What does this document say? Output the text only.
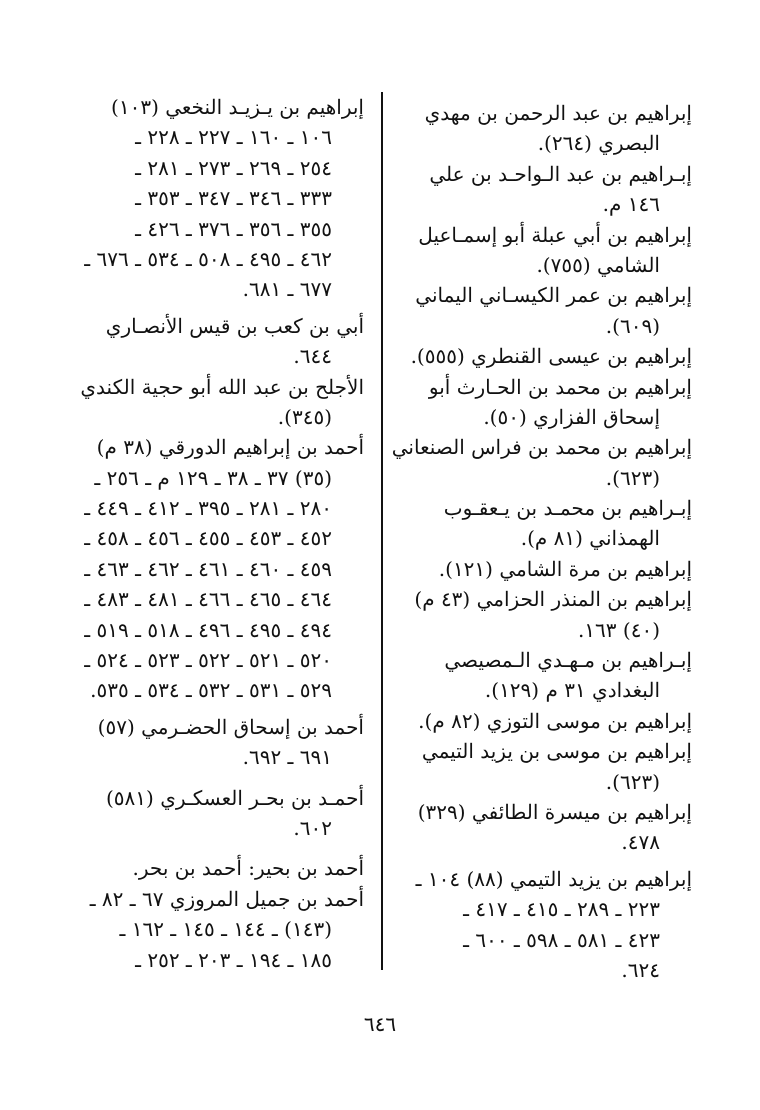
إبراهيم بن عبد الرحمن بن مهدي
البصري (٢٦٤).
إبـراهيم بن عبد الـواحـد بن علي
١٤٦ م.
إبراهيم بن أبي عبلة أبو إسمـاعيل
الشامي (٧٥٥).
إبراهيم بن عمر الكيسـاني اليماني
(٦٠٩).
إبراهيم بن عيسى القنطري (٥٥٥).
إبراهيم بن محمد بن الحـارث أبو
إسحاق الفزاري (٥٠).
إبراهيم بن محمد بن فراس الصنعاني
(٦٢٣).
إبـراهيم بن محمـد بن يـعقـوب
الهمذاني (٨١ م).
إبراهيم بن مرة الشامي (١٢١).
إبراهيم بن المنذر الحزامي (٤٣ م)
(٤٠) ١٦٣.
إبـراهيم بن مـهـدي الـمصيصي
البغدادي ٣١ م (١٢٩).
إبراهيم بن موسى التوزي (٨٢ م).
إبراهيم بن موسى بن يزيد التيمي
(٦٢٣).
إبراهيم بن ميسرة الطائفي (٣٢٩)
٤٧٨.
إبراهيم بن يزيد التيمي (٨٨) ١٠٤ ـ
٢٢٣ ـ ٢٨٩ ـ ٤١٥ ـ ٤١٧ ـ
٤٢٣ ـ ٥٨١ ـ ٥٩٨ ـ ٦٠٠ ـ
٦٢٤.
إبراهيم بن يـزيـد النخعي (١٠٣)
١٠٦ ـ ١٦٠ ـ ٢٢٧ ـ ٢٢٨ ـ
٢٥٤ ـ ٢٦٩ ـ ٢٧٣ ـ ٢٨١ ـ
٣٣٣ ـ ٣٤٦ ـ ٣٤٧ ـ ٣٥٣ ـ
٣٥٥ ـ ٣٥٦ ـ ٣٧٦ ـ ٤٢٦ ـ
٤٦٢ ـ ٤٩٥ ـ ٥٠٨ ـ ٥٣٤ ـ ٦٧٦ ـ
٦٧٧ ـ ٦٨١.
أبي بن كعب بن قيس الأنصـاري
٦٤٤.
الأجلح بن عبد الله أبو حجية الكندي
(٣٤٥).
أحمد بن إبراهيم الدورقي (٣٨ م)
(٣٥) ٣٧ ـ ٣٨ ـ ١٢٩ م ـ ٢٥٦ ـ
٢٨٠ ـ ٢٨١ ـ ٣٩٥ ـ ٤١٢ ـ ٤٤٩ ـ
٤٥٢ ـ ٤٥٣ ـ ٤٥٥ ـ ٤٥٦ ـ ٤٥٨ ـ
٤٥٩ ـ ٤٦٠ ـ ٤٦١ ـ ٤٦٢ ـ ٤٦٣ ـ
٤٦٤ ـ ٤٦٥ ـ ٤٦٦ ـ ٤٨١ ـ ٤٨٣ ـ
٤٩٤ ـ ٤٩٥ ـ ٤٩٦ ـ ٥١٨ ـ ٥١٩ ـ
٥٢٠ ـ ٥٢١ ـ ٥٢٢ ـ ٥٢٣ ـ ٥٢٤ ـ
٥٢٩ ـ ٥٣١ ـ ٥٣٢ ـ ٥٣٤ ـ ٥٣٥.
أحمد بن إسحاق الحضـرمي (٥٧)
٦٩١ ـ ٦٩٢.
أحمـد بن بحـر العسكـري (٥٨١)
٦٠٢.
أحمد بن بحير: أحمد بن بحر.
أحمد بن جميل المروزي ٦٧ ـ ٨٢ ـ
(١٤٣) ـ ١٤٤ ـ ١٤٥ ـ ١٦٢ ـ
١٨٥ ـ ١٩٤ ـ ٢٠٣ ـ ٢٥٢ ـ
٦٤٦
